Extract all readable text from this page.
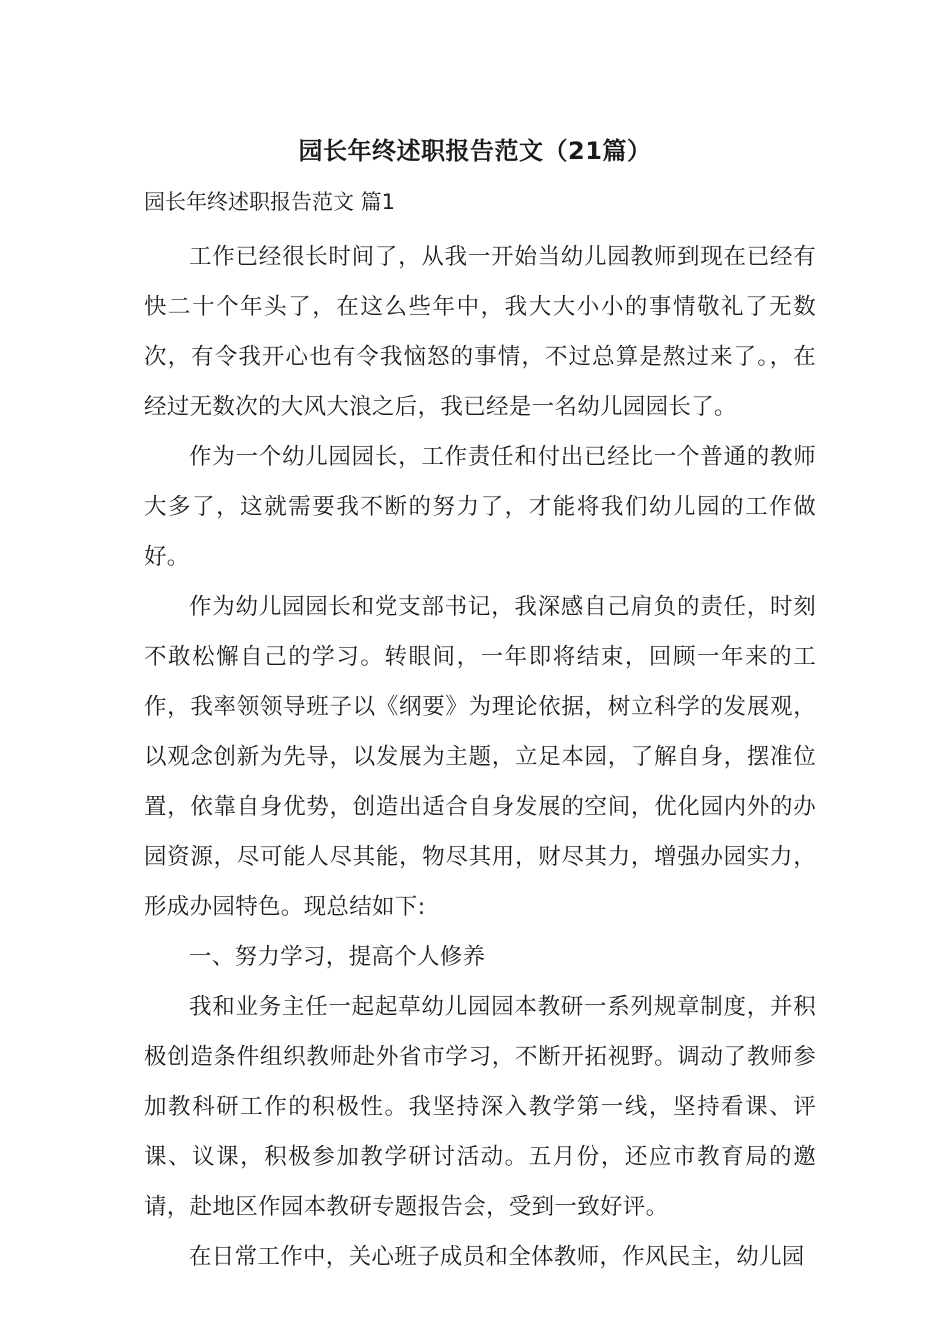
园长年终述职报告范文（21篇）
园长年终述职报告范文 篇1

工作已经很长时间了，从我一开始当幼儿园教师到现在已经有快二十个年头了，在这么些年中，我大大小小的事情敬礼了无数次，有令我开心也有令我恼怒的事情，不过总算是熬过来了。，在经过无数次的大风大浪之后，我已经是一名幼儿园园长了。

作为一个幼儿园园长，工作责任和付出已经比一个普通的教师大多了，这就需要我不断的努力了，才能将我们幼儿园的工作做好。

作为幼儿园园长和党支部书记，我深感自己肩负的责任，时刻不敢松懈自己的学习。转眼间，一年即将结束，回顾一年来的工作，我率领领导班子以《纲要》为理论依据，树立科学的发展观，以观念创新为先导，以发展为主题，立足本园，了解自身，摆准位置，依靠自身优势，创造出适合自身发展的空间，优化园内外的办园资源，尽可能人尽其能，物尽其用，财尽其力，增强办园实力，形成办园特色。现总结如下:

一、努力学习，提高个人修养

我和业务主任一起起草幼儿园园本教研一系列规章制度，并积极创造条件组织教师赴外省市学习，不断开拓视野。调动了教师参加教科研工作的积极性。我坚持深入教学第一线，坚持看课、评课、议课，积极参加教学研讨活动。五月份，还应市教育局的邀请，赴地区作园本教研专题报告会，受到一致好评。

在日常工作中，关心班子成员和全体教师，作风民主，幼儿园
